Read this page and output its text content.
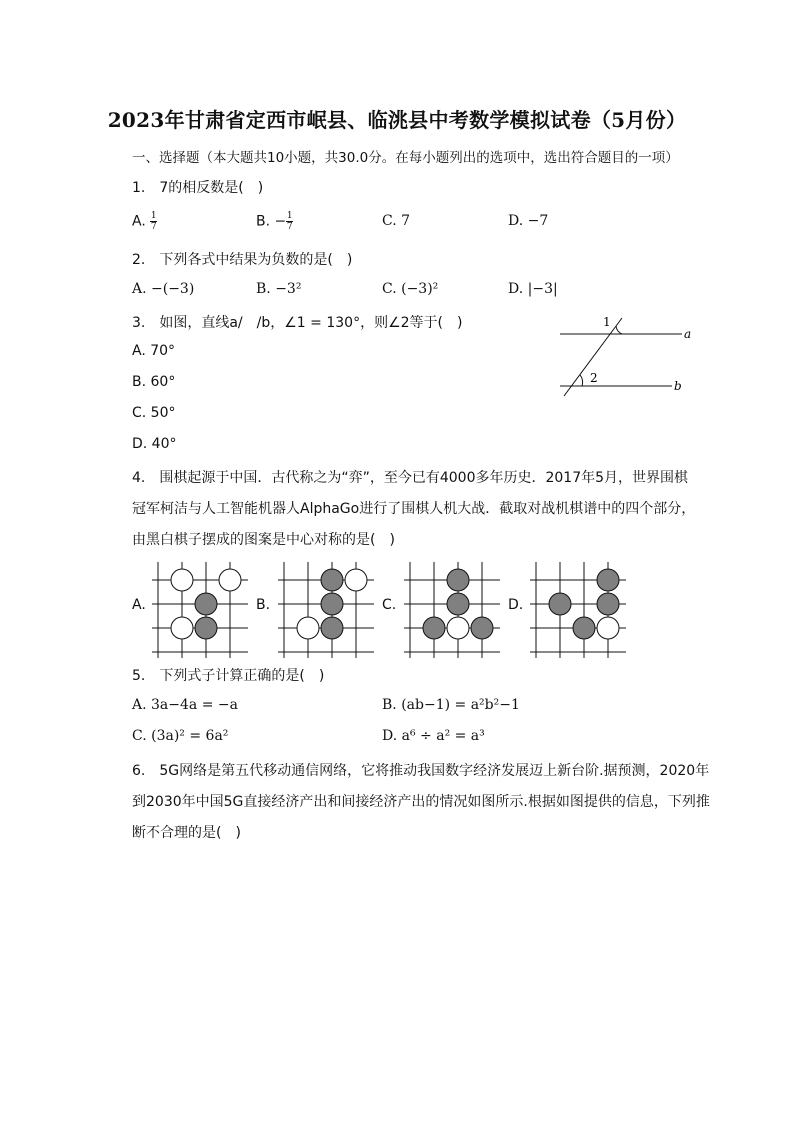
2023年甘肃省定西市岷县、临洮县中考数学模拟试卷（5月份）
一、选择题（本大题共10小题，共30.0分。在每小题列出的选项中，选出符合题目的一项）
1.　7的相反数是(　)
A. $\frac{1}{7}$	B. − $\frac{1}{7}$	C. 7	D. −7
2.　下列各式中结果为负数的是(　)
A. −(−3)	B. −3²	C. (−3)²	D. |−3|
3.　如图，直线a/　/b，∠1 = 130°，则∠2等于(　)
A. 70°
B. 60°
C. 50°
D. 40°
1
2
a
b
4.　围棋起源于中国．古代称之为“弈”，至今已有4000多年历史．2017年5月，世界围棋
冠军柯洁与人工智能机器人AlphaGo进行了围棋人机大战．截取对战机棋谱中的四个部分，
由黑白棋子摆成的图案是中心对称的是(　)
A.	B.	C.	D.
5.　下列式子计算正确的是(　)
A. 3a−4a = −a	B. (ab−1) = a²b²−1
C. (3a)² = 6a²	D. a⁶ ÷ a² = a³
6.　5G网络是第五代移动通信网络，它将推动我国数字经济发展迈上新台阶.据预测，2020年
到2030年中国5G直接经济产出和间接经济产出的情况如图所示.根据如图提供的信息，下列推
断不合理的是(　)
